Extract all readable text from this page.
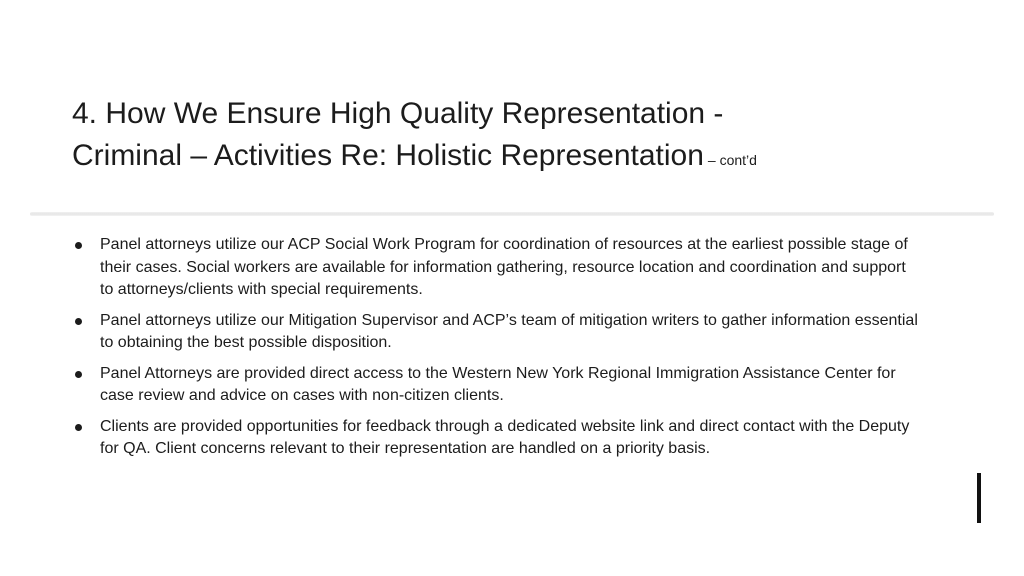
4. How We Ensure High Quality Representation -
Criminal – Activities Re: Holistic Representation – cont’d
Panel attorneys utilize our ACP Social Work Program for coordination of resources at the earliest possible stage of their cases. Social workers are available for information gathering, resource location and coordination and support to attorneys/clients with special requirements.
Panel attorneys utilize our Mitigation Supervisor and ACP’s team of mitigation writers to gather information essential to obtaining the best possible disposition.
Panel Attorneys are provided direct access to the Western New York Regional Immigration Assistance Center for case review and advice on cases with non-citizen clients.
Clients are provided opportunities for feedback through a dedicated website link and direct contact with the Deputy for QA. Client concerns relevant to their representation are handled on a priority basis.
